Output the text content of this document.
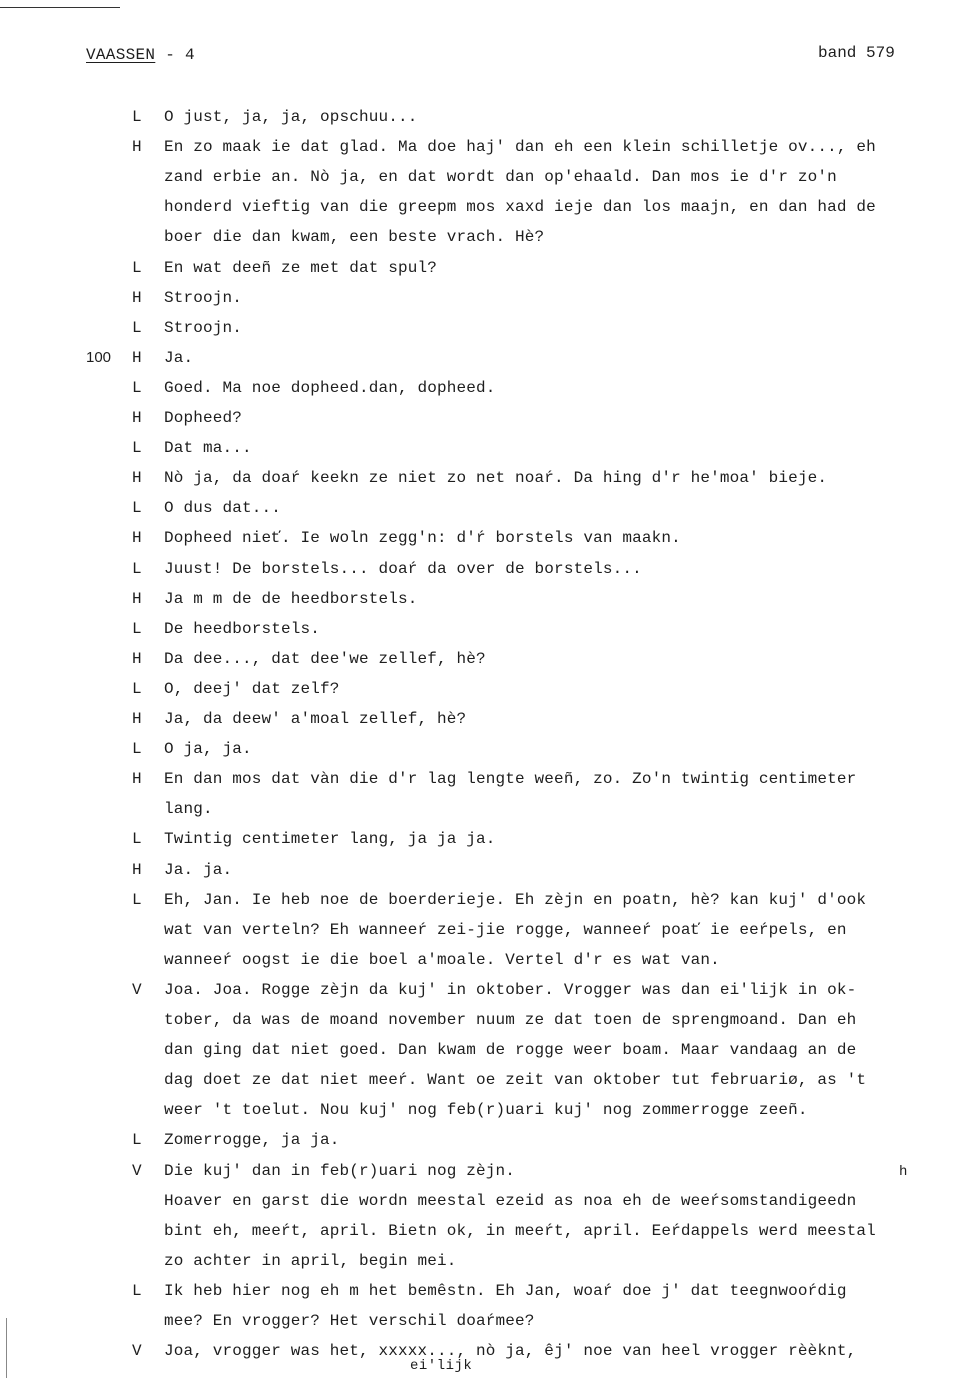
VAASSEN - 4	band 579
L	O just, ja, ja, opschuu...
H	En zo maak ie dat glad. Ma doe haj' dan eh een klein schilletje ov..., eh
zand erbie an. Nò ja, en dat wordt dan op'ehaald. Dan mos ie d'r zo'n
honderd vieftig van die greepm mos xaxd ieje dan los maajn, en dan had de
boer die dan kwam, een beste vrach. Hè?
L	En wat deeñ ze met dat spul?
H	Stroojn.
L	Stroojn.
100	H	Ja.
L	Goed. Ma noe dopheed.dan, dopheed.
H	Dopheed?
L	Dat ma...
H	Nò ja, da doaŕ keekn ze niet zo net noaŕ. Da hing d'r he'moa' bieje.
L	O dus dat...
H	Dopheed nieť. Ie woln zegg'n: d'ŕ borstels van maakn.
L	Juust! De borstels... doaŕ da over de borstels...
H	Ja m m de de heedborstels.
L	De heedborstels.
H	Da dee..., dat dee'we zellef, hè?
L	O, deej' dat zelf?
H	Ja, da deew' a'moal zellef, hè?
L	O ja, ja.
H	En dan mos dat vàn die d'r lag lengte weeñ, zo. Zo'n twintig centimeter
lang.
L	Twintig centimeter lang, ja ja ja.
H	Ja. ja.
L	Eh, Jan. Ie heb noe de boerderieje. Eh zèjn en poatn, hè? kan kuj' d'ook
wat van verteln? Eh wanneeŕ zei-jie rogge, wanneeŕ poať ie eeŕpels, en
wanneeŕ oogst ie die boel a'moale. Vertel d'r es wat van.
V	Joa. Joa. Rogge zèjn da kuj' in oktober. Vrogger was dan ei'lijk in ok-
tober, da was de moand november nuum ze dat toen de sprengmoand. Dan eh
dan ging dat niet goed. Dan kwam de rogge weer boam. Maar vandaag an de
dag doet ze dat niet meeŕ. Want oe zeit van oktober tut februariø, as 't
weer 't toelut. Nou kuj' nog feb(r)uari kuj' nog zommerrogge zeeñ.
L	Zomerrogge, ja ja.
V	Die kuj' dan in feb(r)uari nog zèjn.
Hoaver en garst die wordn meestal ezeid as noa eh de weeŕsomstandigeedn
bint eh, meeŕt, april. Bietn ok, in meeŕt, april. Eeŕdappels werd meestal
zo achter in april, begin mei.
L	Ik heb hier nog eh m het bemêstn. Eh Jan, woaŕ doe j' dat teegnwooŕdig
mee? En vrogger? Het verschil doaŕmee?
V	Joa, vrogger was het, xxxxx..., nò ja, êj' noe van heel vrogger rèèknt,
h
ei'lijk
